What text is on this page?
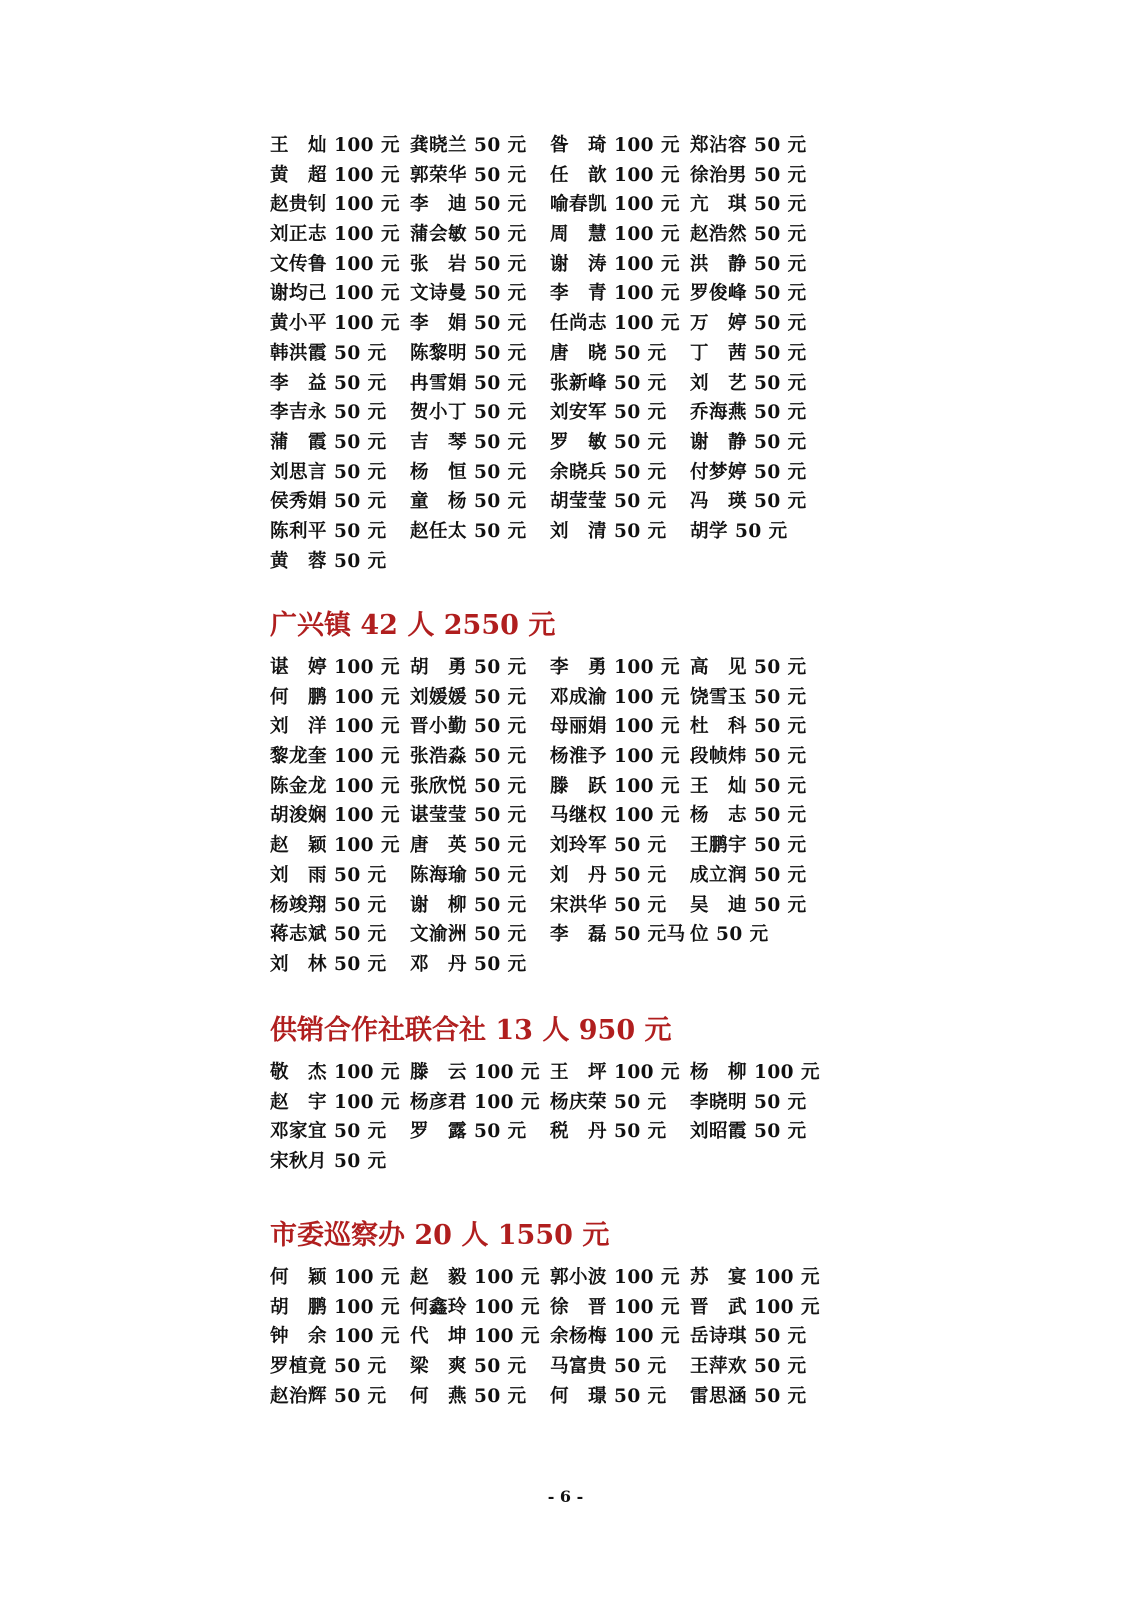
王　灿 100 元 龚晓兰 50 元 昝　琦 100 元 郑沾容 50 元
黄　超 100 元 郭荣华 50 元 任　歆 100 元 徐治男 50 元
赵贵钊 100 元 李　迪 50 元 喻春凯 100 元 亢　琪 50 元
刘正志 100 元 蒲会敏 50 元 周　慧 100 元 赵浩然 50 元
文传鲁 100 元 张　岩 50 元 谢　涛 100 元 洪　静 50 元
谢均己 100 元 文诗曼 50 元 李　青 100 元 罗俊峰 50 元
黄小平 100 元 李　娟 50 元 任尚志 100 元 万　婷 50 元
韩洪霞 50 元 陈黎明 50 元 唐　晓 50 元 丁　茜 50 元
李　益 50 元 冉雪娟 50 元 张新峰 50 元 刘　艺 50 元
李吉永 50 元 贺小丁 50 元 刘安军 50 元 乔海燕 50 元
蒲　霞 50 元 吉　琴 50 元 罗　敏 50 元 谢　静 50 元
刘思言 50 元 杨　恒 50 元 余晓兵 50 元 付梦婷 50 元
侯秀娟 50 元 童　杨 50 元 胡莹莹 50 元 冯　瑛 50 元
陈利平 50 元 赵任太 50 元 刘　清 50 元 胡学 50 元
黄　蓉 50 元
广兴镇 42 人 2550 元
谌　婷 100 元 胡　勇 50 元 李　勇 100 元 高　见 50 元
何　鹏 100 元 刘媛媛 50 元 邓成渝 100 元 饶雪玉 50 元
刘　洋 100 元 晋小勤 50 元 母丽娟 100 元 杜　科 50 元
黎龙奎 100 元 张浩淼 50 元 杨淮予 100 元 段帧炜 50 元
陈金龙 100 元 张欣悦 50 元 滕　跃 100 元 王　灿 50 元
胡浚娴 100 元 谌莹莹 50 元 马继权 100 元 杨　志 50 元
赵　颖 100 元 唐　英 50 元 刘玲军 50 元 王鹏宇 50 元
刘　雨 50 元 陈海瑜 50 元 刘　丹 50 元 成立润 50 元
杨竣翔 50 元 谢　柳 50 元 宋洪华 50 元 吴　迪 50 元
蒋志斌 50 元 文渝洲 50 元 李　磊 50 元马 位 50 元
刘　林 50 元 邓　丹 50 元
供销合作社联合社 13 人 950 元
敬　杰 100 元 滕　云 100 元 王　坪 100 元 杨　柳 100 元
赵　宇 100 元 杨彦君 100 元 杨庆荣 50 元 李晓明 50 元
邓家宜 50 元 罗　露 50 元 税　丹 50 元 刘昭霞 50 元
宋秋月 50 元
市委巡察办 20 人 1550 元
何　颖 100 元 赵　毅 100 元 郭小波 100 元 苏　宴 100 元
胡　鹏 100 元 何鑫玲 100 元 徐　晋 100 元 晋　武 100 元
钟　余 100 元 代　坤 100 元 余杨梅 100 元 岳诗琪 50 元
罗植竟 50 元 梁　爽 50 元 马富贵 50 元 王萍欢 50 元
赵治辉 50 元 何　燕 50 元 何　璟 50 元 雷思涵 50 元
- 6 -
